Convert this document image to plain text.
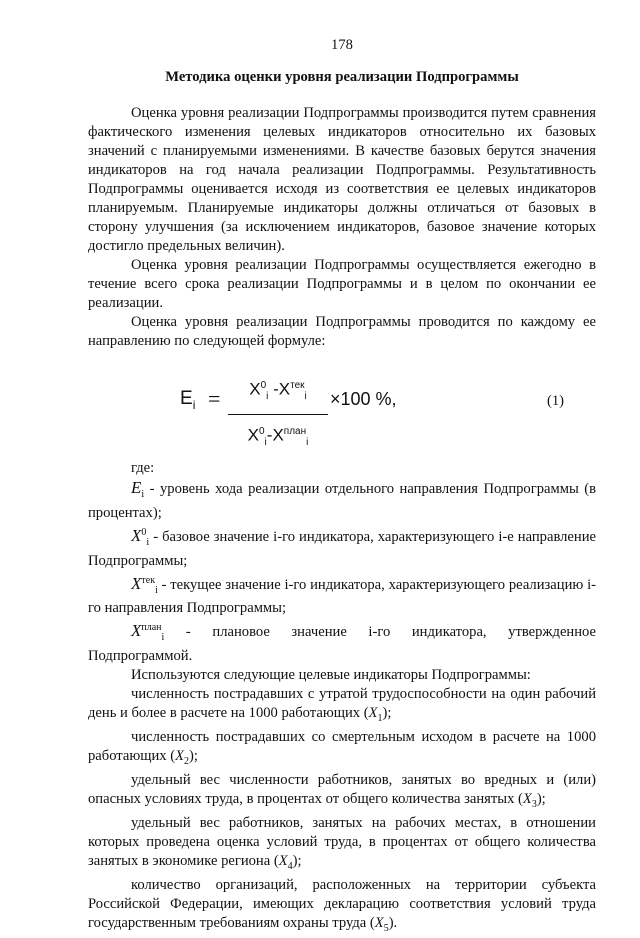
178
Методика оценки уровня реализации Подпрограммы

Оценка уровня реализации Подпрограммы производится путем сравнения фактического изменения целевых индикаторов относительно их базовых значений с планируемыми изменениями. В качестве базовых берутся значения индикаторов на год начала реализации Подпрограммы. Результативность Подпрограммы оценивается исходя из соответствия ее целевых индикаторов планируемым. Планируемые индикаторы должны отличаться от базовых в сторону улучшения (за исключением индикаторов, базовое значение которых достигло предельных величин).

Оценка уровня реализации Подпрограммы осуществляется ежегодно в течение всего срока реализации Подпрограммы и в целом по окончании ее реализации.

Оценка уровня реализации Подпрограммы проводится по каждому ее направлению по следующей формуле:

$E_i$ =	$X^0_i$ $-X^{тек}_i$
$X^0_i-X^{план}_i$
×100 %,	(1)

где:

$E_i$ - уровень хода реализации отдельного направления Подпрограммы (в процентах);

$X^0_i$ - базовое значение i-го индикатора, характеризующего i-е направление Подпрограммы;

$X^{тек}_i$ - текущее значение i-го индикатора, характеризующего реализацию i-го направления Подпрограммы;

$X^{план}_i$ - плановое значение i-го индикатора, утвержденное Подпрограммой.

Используются следующие целевые индикаторы Подпрограммы:

численность пострадавших с утратой трудоспособности на один рабочий день и более в расчете на 1000 работающих $(X_1)$;

численность пострадавших со смертельным исходом в расчете на 1000 работающих $(X_2)$;

удельный вес численности работников, занятых во вредных и (или) опасных условиях труда, в процентах от общего количества занятых $(X_3)$;

удельный вес работников, занятых на рабочих местах, в отношении которых проведена оценка условий труда, в процентах от общего количества занятых в экономике региона $(X_4)$;

количество организаций, расположенных на территории субъекта Российской Федерации, имеющих декларацию соответствия условий труда государственным требованиям охраны труда $(X_5)$.
